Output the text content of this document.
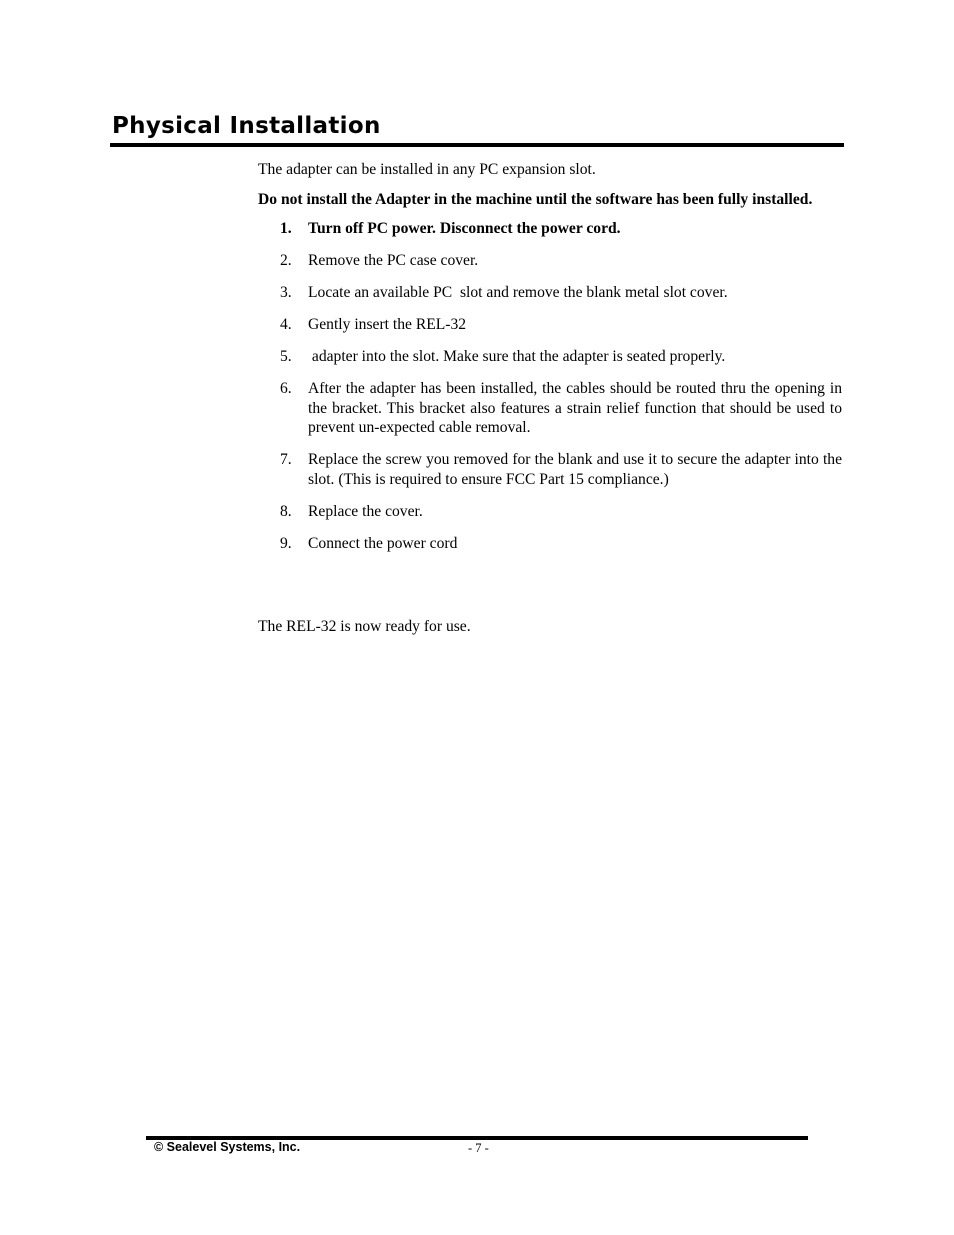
Physical Installation

The adapter can be installed in any PC expansion slot.

Do not install the Adapter in the machine until the software has been fully installed.

1. Turn off PC power. Disconnect the power cord.
2. Remove the PC case cover.
3. Locate an available PC  slot and remove the blank metal slot cover.
4. Gently insert the REL-32
5. adapter into the slot. Make sure that the adapter is seated properly.
6. After the adapter has been installed, the cables should be routed thru the opening in the bracket. This bracket also features a strain relief function that should be used to prevent un-expected cable removal.
7. Replace the screw you removed for the blank and use it to secure the adapter into the slot. (This is required to ensure FCC Part 15 compliance.)
8. Replace the cover.
9. Connect the power cord

The REL-32 is now ready for use.

© Sealevel Systems, Inc.	- 7 -
